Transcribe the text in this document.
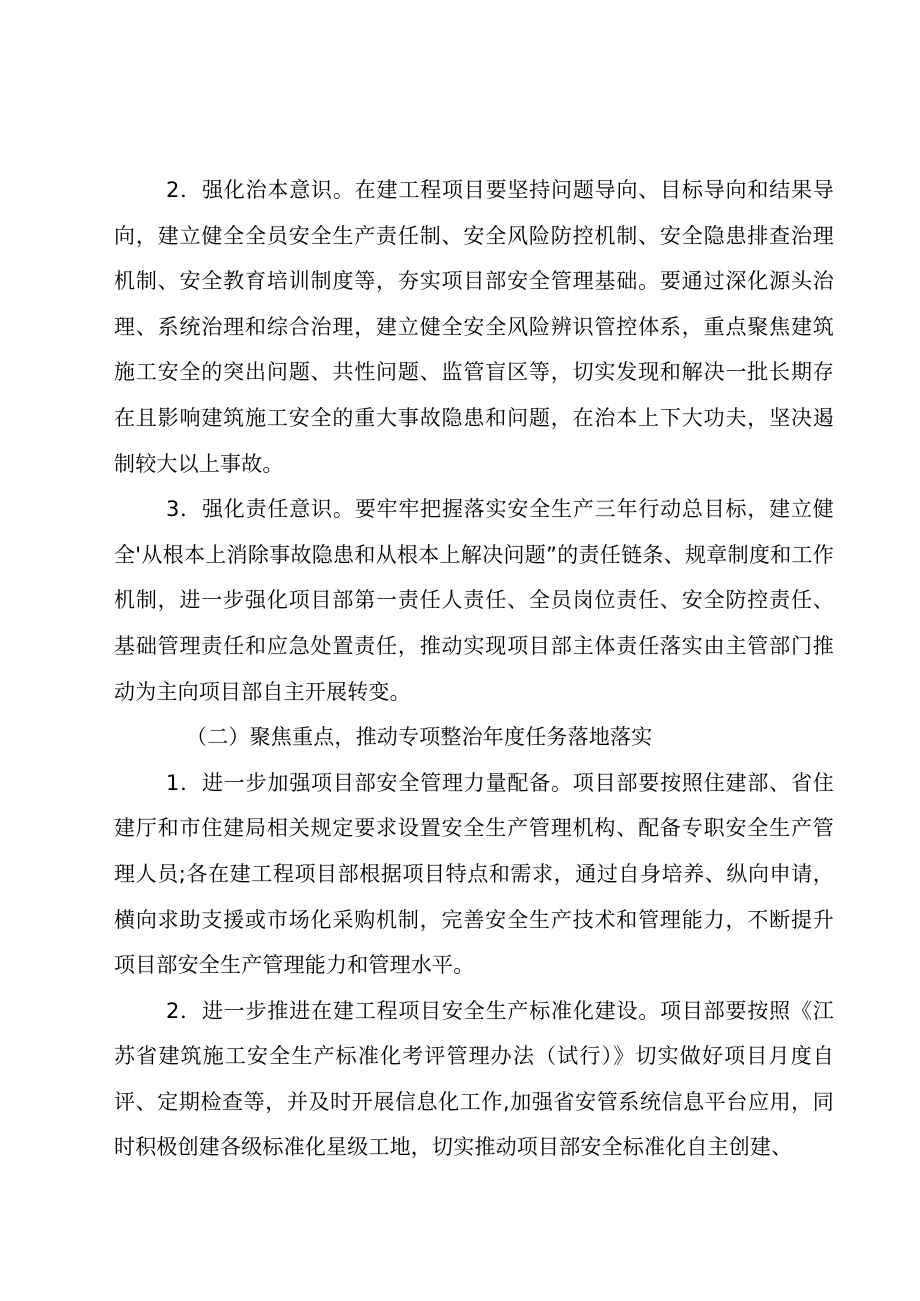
2．强化治本意识。在建工程项目要坚持问题导向、目标导向和结果导向，建立健全全员安全生产责任制、安全风险防控机制、安全隐患排查治理机制、安全教育培训制度等，夯实项目部安全管理基础。要通过深化源头治理、系统治理和综合治理，建立健全安全风险辨识管控体系，重点聚焦建筑施工安全的突出问题、共性问题、监管盲区等，切实发现和解决一批长期存在且影响建筑施工安全的重大事故隐患和问题，在治本上下大功夫，坚决遏制较大以上事故。

3．强化责任意识。要牢牢把握落实安全生产三年行动总目标，建立健全'从根本上消除事故隐患和从根本上解决问题”的责任链条、规章制度和工作机制，进一步强化项目部第一责任人责任、全员岗位责任、安全防控责任、基础管理责任和应急处置责任，推动实现项目部主体责任落实由主管部门推动为主向项目部自主开展转变。

（二）聚焦重点，推动专项整治年度任务落地落实

1．进一步加强项目部安全管理力量配备。项目部要按照住建部、省住建厅和市住建局相关规定要求设置安全生产管理机构、配备专职安全生产管理人员;各在建工程项目部根据项目特点和需求，通过自身培养、纵向申请，横向求助支援或市场化采购机制，完善安全生产技术和管理能力，不断提升项目部安全生产管理能力和管理水平。

2．进一步推进在建工程项目安全生产标准化建设。项目部要按照《江苏省建筑施工安全生产标准化考评管理办法（试行）》切实做好项目月度自评、定期检查等，并及时开展信息化工作,加强省安管系统信息平台应用，同时积极创建各级标准化星级工地，切实推动项目部安全标准化自主创建、
